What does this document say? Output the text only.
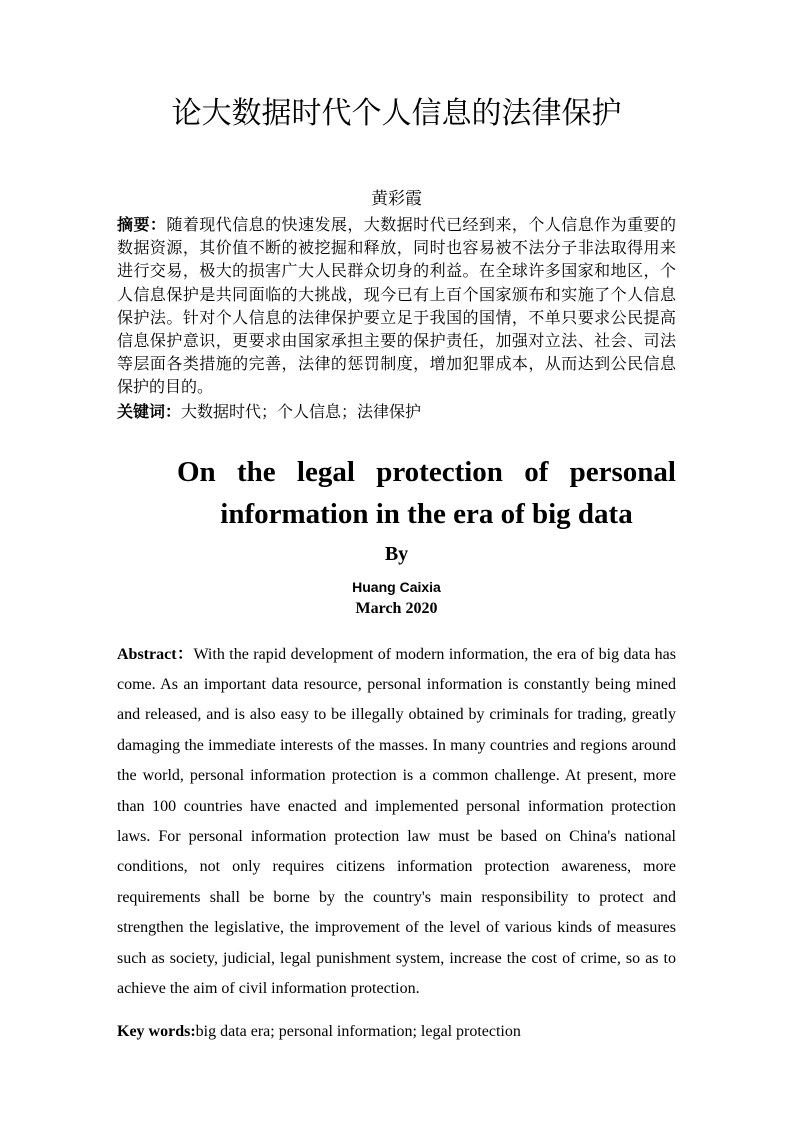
论大数据时代个人信息的法律保护
黄彩霞

摘要：随着现代信息的快速发展，大数据时代已经到来，个人信息作为重要的数据资源，其价值不断的被挖掘和释放，同时也容易被不法分子非法取得用来进行交易，极大的损害广大人民群众切身的利益。在全球许多国家和地区，个人信息保护是共同面临的大挑战，现今已有上百个国家颁布和实施了个人信息保护法。针对个人信息的法律保护要立足于我国的国情，不单只要求公民提高信息保护意识，更要求由国家承担主要的保护责任，加强对立法、社会、司法等层面各类措施的完善，法律的惩罚制度，增加犯罪成本，从而达到公民信息保护的目的。

关键词：大数据时代；个人信息；法律保护

On the legal protection of personal
information in the era of big data
By
Huang Caixia
March 2020

Abstract：With the rapid development of modern information, the era of big data has come. As an important data resource, personal information is constantly being mined and released, and is also easy to be illegally obtained by criminals for trading, greatly damaging the immediate interests of the masses. In many countries and regions around the world, personal information protection is a common challenge. At present, more than 100 countries have enacted and implemented personal information protection laws. For personal information protection law must be based on China's national conditions, not only requires citizens information protection awareness, more requirements shall be borne by the country's main responsibility to protect and strengthen the legislative, the improvement of the level of various kinds of measures such as society, judicial, legal punishment system, increase the cost of crime, so as to achieve the aim of civil information protection.

Key words:big data era; personal information; legal protection
